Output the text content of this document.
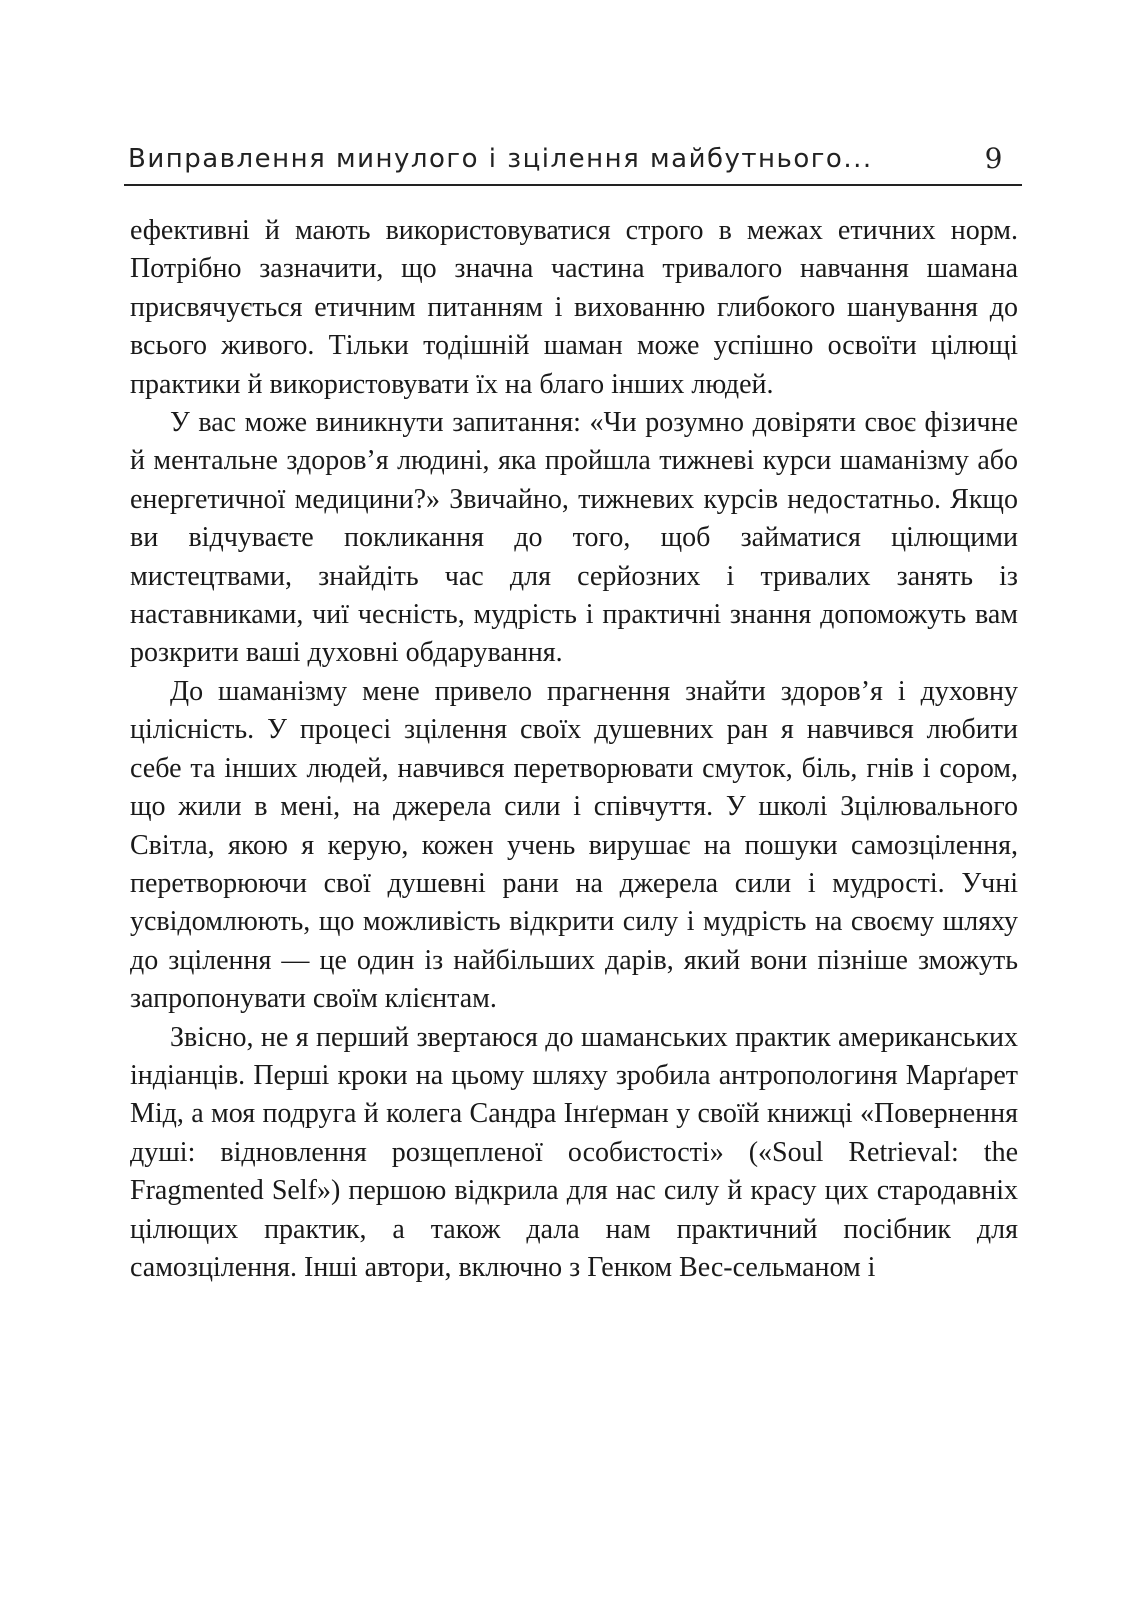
Виправлення минулого і зцілення майбутнього...	9

ефективні й мають використовуватися строго в межах етичних норм. Потрібно зазначити, що значна частина тривалого навчання шамана присвячується етичним питанням і вихованню глибокого шанування до всього живого. Тільки тодішній шаман може успішно освоїти цілющі практики й використовувати їх на благо інших людей.

У вас може виникнути запитання: «Чи розумно довіряти своє фізичне й ментальне здоров’я людині, яка пройшла тижневі курси шаманізму або енергетичної медицини?» Звичайно, тижневих курсів недостатньо. Якщо ви відчуваєте покликання до того, щоб займатися цілющими мистецтвами, знайдіть час для серйозних і тривалих занять із наставниками, чиї чесність, мудрість і практичні знання допоможуть вам розкрити ваші духовні обдарування.

До шаманізму мене привело прагнення знайти здоров’я і духовну цілісність. У процесі зцілення своїх душевних ран я навчився любити себе та інших людей, навчився перетворювати смуток, біль, гнів і сором, що жили в мені, на джерела сили і співчуття. У школі Зцілювального Світла, якою я керую, кожен учень вирушає на пошуки самозцілення, перетворюючи свої душевні рани на джерела сили і мудрості. Учні усвідомлюють, що можливість відкрити силу і мудрість на своєму шляху до зцілення — це один із найбільших дарів, який вони пізніше зможуть запропонувати своїм клієнтам.

Звісно, не я перший звертаюся до шаманських практик американських індіанців. Перші кроки на цьому шляху зробила антропологиня Марґарет Мід, а моя подруга й колега Сандра Інґерман у своїй книжці «Повернення душі: відновлення розщепленої особистості» («Soul Retrieval: the Fragmented Self») першою відкрила для нас силу й красу цих стародавніх цілющих практик, а також дала нам практичний посібник для самозцілення. Інші автори, включно з Генком Вес-сельманом і
